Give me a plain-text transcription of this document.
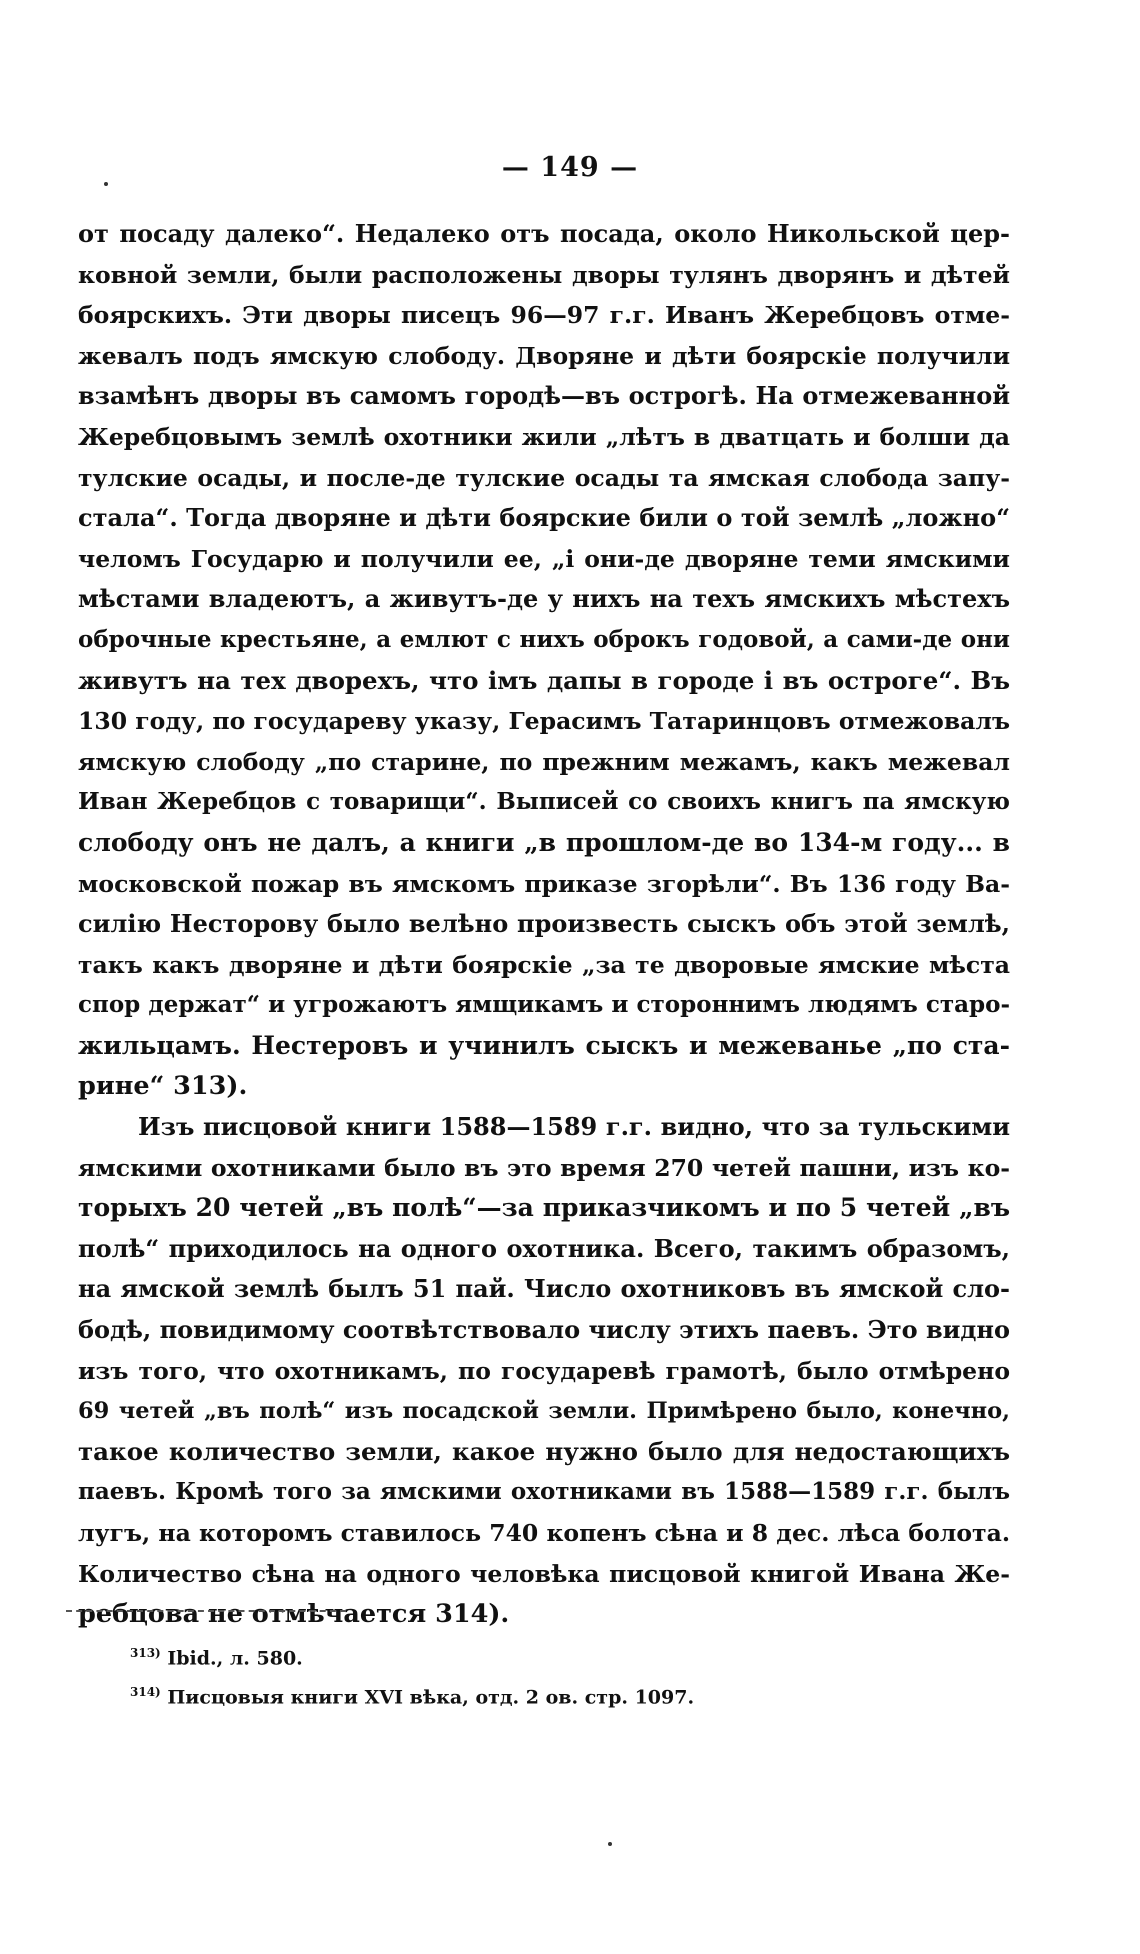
— 149 —
от посаду далеко“. Недалеко отъ посада, около Никольской цер-
ковной земли, были расположены дворы тулянъ дворянъ и дѣтей
боярскихъ. Эти дворы писецъ 96—97 г.г. Иванъ Жеребцовъ отме-
жевалъ подъ ямскую слободу. Дворяне и дѣти боярскіе получили
взамѣнъ дворы въ самомъ городѣ—въ острогѣ. На отмежеванной
Жеребцовымъ землѣ охотники жили „лѣтъ в дватцать и болши да
тулские осады, и после-де тулские осады та ямская слобода запу-
стала“. Тогда дворяне и дѣти боярские били о той землѣ „ложно“
челомъ Государю и получили ее, „і они-де дворяне теми ямскими
мѣстами владеютъ, а живутъ-де у нихъ на техъ ямскихъ мѣстехъ
оброчные крестьяне, а емлют с нихъ оброкъ годовой, а сами-де они
живутъ на тех дворехъ, что імъ дапы в городе і въ остроге“. Въ
130 году, по государеву указу, Герасимъ Татаринцовъ отмежовалъ
ямскую слободу „по старине, по прежним межамъ, какъ межевал
Иван Жеребцов с товарищи“. Выписей со своихъ книгъ па ямскую
слободу онъ не далъ, а книги „в прошлом-де во 134-м году... в
московской пожар въ ямскомъ приказе згорѣли“. Въ 136 году Ва-
силію Несторову было велѣно произвесть сыскъ объ этой землѣ,
такъ какъ дворяне и дѣти боярскіе „за те дворовые ямские мѣста
спор держат“ и угрожаютъ ямщикамъ и стороннимъ людямъ старо-
жильцамъ. Нестеровъ и учинилъ сыскъ и межеванье „по ста-
рине“ 313).
Изъ писцовой книги 1588—1589 г.г. видно, что за тульскими
ямскими охотниками было въ это время 270 четей пашни, изъ ко-
торыхъ 20 четей „въ полѣ“—за приказчикомъ и по 5 четей „въ
полѣ“ приходилось на одного охотника. Всего, такимъ образомъ,
на ямской землѣ былъ 51 пай. Число охотниковъ въ ямской сло-
бодѣ, повидимому соотвѣтствовало числу этихъ паевъ. Это видно
изъ того, что охотникамъ, по государевѣ грамотѣ, было отмѣрено
69 четей „въ полѣ“ изъ посадской земли. Примѣрено было, конечно,
такое количество земли, какое нужно было для недостающихъ
паевъ. Кромѣ того за ямскими охотниками въ 1588—1589 г.г. былъ
лугъ, на которомъ ставилось 740 копенъ сѣна и 8 дес. лѣса болота.
Количество сѣна на одного человѣка писцовой книгой Ивана Же-
ребцова не отмѣчается 314).
$^{313)}$ Ibid., л. 580.
$^{314)}$ Писцовыя книги XVI вѣка, отд. 2 ов. стр. 1097.
